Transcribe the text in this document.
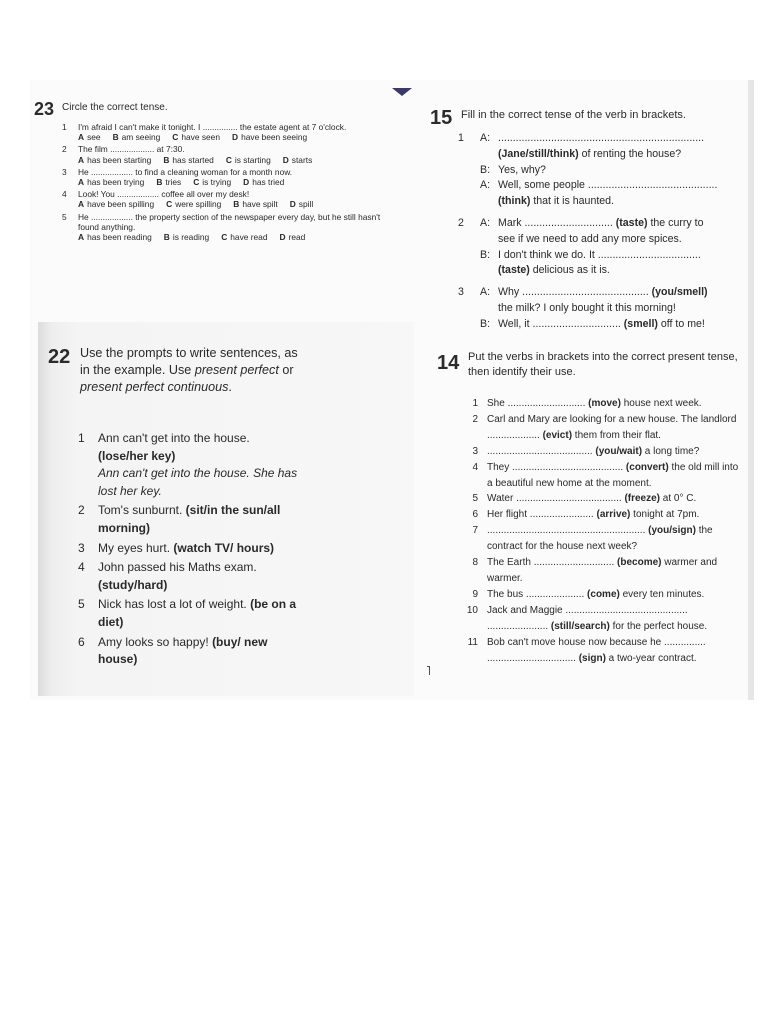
˥
23 Circle the correct tense.
1 I'm afraid I can't make it tonight. I ............... the estate agent at 7 o'clock.
A see B am seeing C have seen D have been seeing
2 The film ................... at 7:30.
A has been starting B has started C is starting D starts
3 He .................. to find a cleaning woman for a month now.
A has been trying B tries C is trying D has tried
4 Look! You .................. coffee all over my desk!
A have been spilling C were spilling B have spilt D spill
5 He .................. the property section of the newspaper every day, but he still hasn't found anything.
A has been reading B is reading C have read D read
22 Use the prompts to write sentences, as in the example. Use present perfect or present perfect continuous.
1 Ann can't get into the house. (lose/her key)
Ann can't get into the house. She has lost her key.
2 Tom's sunburnt. (sit/in the sun/all morning)
3 My eyes hurt. (watch TV/ hours)
4 John passed his Maths exam. (study/hard)
5 Nick has lost a lot of weight. (be on a diet)
6 Amy looks so happy! (buy/ new house)
15 Fill in the correct tense of the verb in brackets.
1 A: ......................................................................
(Jane/still/think) of renting the house?
B: Yes, why?
A: Well, some people ............................................
(think) that it is haunted.
2 A: Mark .............................. (taste) the curry to
see if we need to add any more spices.
B: I don't think we do. It ...................................
(taste) delicious as it is.
3 A: Why ........................................... (you/smell)
the milk? I only bought it this morning!
B: Well, it .............................. (smell) off to me!
14 Put the verbs in brackets into the correct present tense, then identify their use.
1 She ............................ (move) house next week.
2 Carl and Mary are looking for a new house. The landlord ................... (evict) them from their flat.
3 ...................................... (you/wait) a long time?
4 They ........................................ (convert) the old mill into a beautiful new home at the moment.
5 Water ...................................... (freeze) at 0° C.
6 Her flight ....................... (arrive) tonight at 7pm.
7 ......................................................... (you/sign) the contract for the house next week?
8 The Earth ............................. (become) warmer and warmer.
9 The bus ..................... (come) every ten minutes.
10 Jack and Maggie ............................................ ...................... (still/search) for the perfect house.
11 Bob can't move house now because he ............... ................................ (sign) a two-year contract.
